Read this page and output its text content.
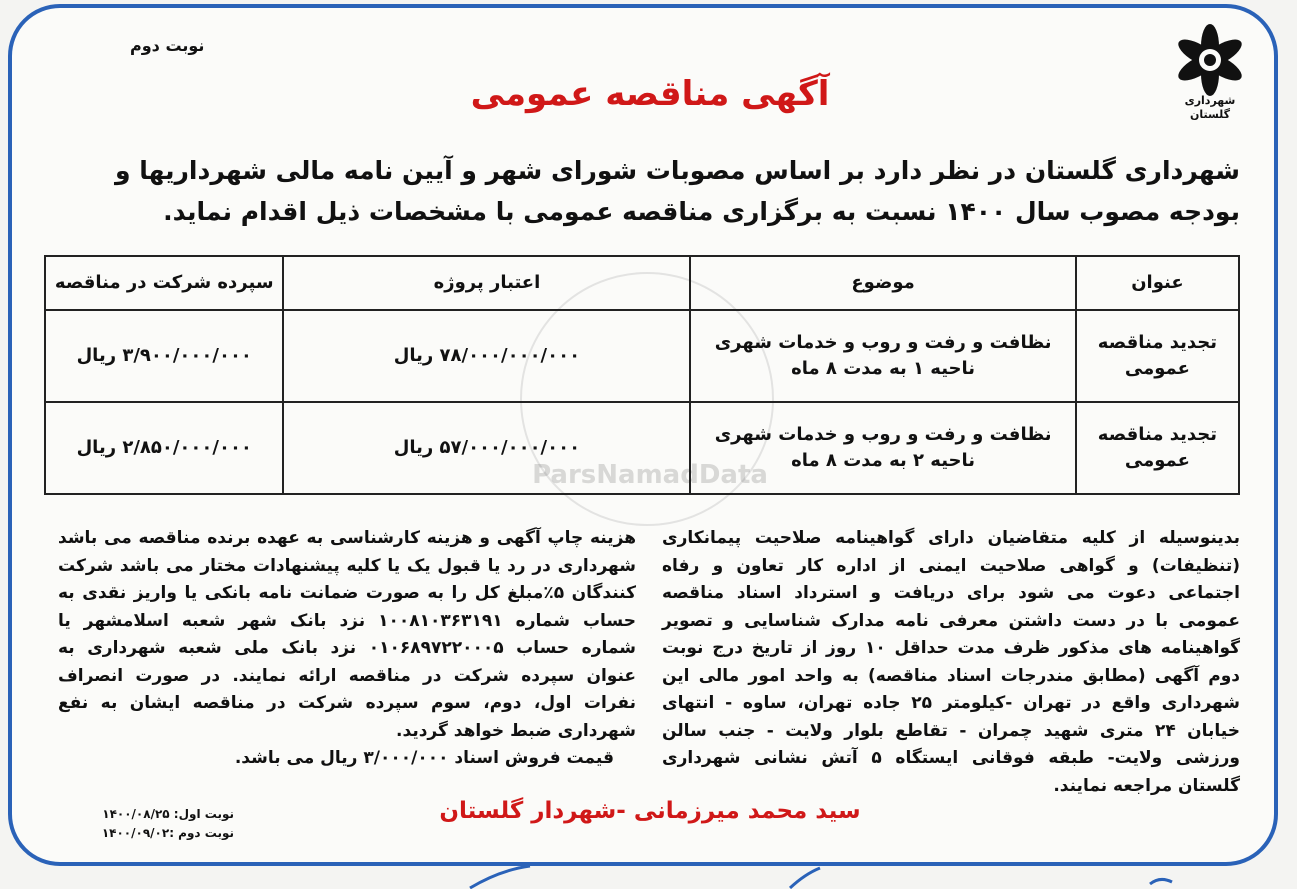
شهرداری گلستان
نوبت دوم
آگهی مناقصه عمومی
شهرداری گلستان در نظر دارد بر اساس مصوبات شورای شهر و آیین نامه مالی شهرداریها و بودجه مصوب سال ۱۴۰۰ نسبت به برگزاری مناقصه عمومی با مشخصات ذیل اقدام نماید.
ParsNamadData
عنوان	موضوع	اعتبار پروژه	سپرده شرکت در مناقصه
تجدید مناقصه عمومی	نظافت و رفت و روب و خدمات شهری ناحیه ۱ به مدت ۸ ماه	۷۸/۰۰۰/۰۰۰/۰۰۰ ریال	۳/۹۰۰/۰۰۰/۰۰۰ ریال
تجدید مناقصه عمومی	نظافت و رفت و روب و خدمات شهری ناحیه ۲ به مدت ۸ ماه	۵۷/۰۰۰/۰۰۰/۰۰۰ ریال	۲/۸۵۰/۰۰۰/۰۰۰ ریال
بدینوسیله از کلیه متقاضیان دارای گواهینامه صلاحیت پیمانکاری (تنظیفات) و گواهی صلاحیت ایمنی از اداره کار تعاون و رفاه اجتماعی دعوت می شود برای دریافت و استرداد اسناد مناقصه عمومی با در دست داشتن معرفی نامه مدارک شناسایی و تصویر گواهینامه های مذکور ظرف مدت حداقل ۱۰ روز از تاریخ درج نوبت دوم آگهی (مطابق مندرجات اسناد مناقصه) به واحد امور مالی این شهرداری واقع در تهران -کیلومتر ۲۵ جاده تهران، ساوه - انتهای خیابان ۲۴ متری شهید چمران - تقاطع بلوار ولایت - جنب سالن ورزشی ولایت- طبقه فوقانی ایستگاه ۵ آتش نشانی شهرداری گلستان مراجعه نمایند.
هزینه چاپ آگهی و هزینه کارشناسی به عهده برنده مناقصه می باشد شهرداری در رد یا قبول یک یا کلیه پیشنهادات مختار می باشد شرکت کنندگان ۵٪مبلغ کل را به صورت ضمانت نامه بانکی یا واریز نقدی به حساب شماره ۱۰۰۸۱۰۳۶۳۱۹۱ نزد بانک شهر شعبه اسلامشهر یا شماره حساب ۰۱۰۶۸۹۷۲۲۰۰۰۵ نزد بانک ملی شعبه شهرداری به عنوان سپرده شرکت در مناقصه ارائه نمایند. در صورت انصراف نفرات اول، دوم، سوم سپرده شرکت در مناقصه ایشان به نفع شهرداری ضبط خواهد گردید.
قیمت فروش اسناد ۳/۰۰۰/۰۰۰ ریال می باشد.
سید محمد میرزمانی -شهردار گلستان
نوبت اول: ۱۴۰۰/۰۸/۲۵
نوبت دوم :۱۴۰۰/۰۹/۰۲
